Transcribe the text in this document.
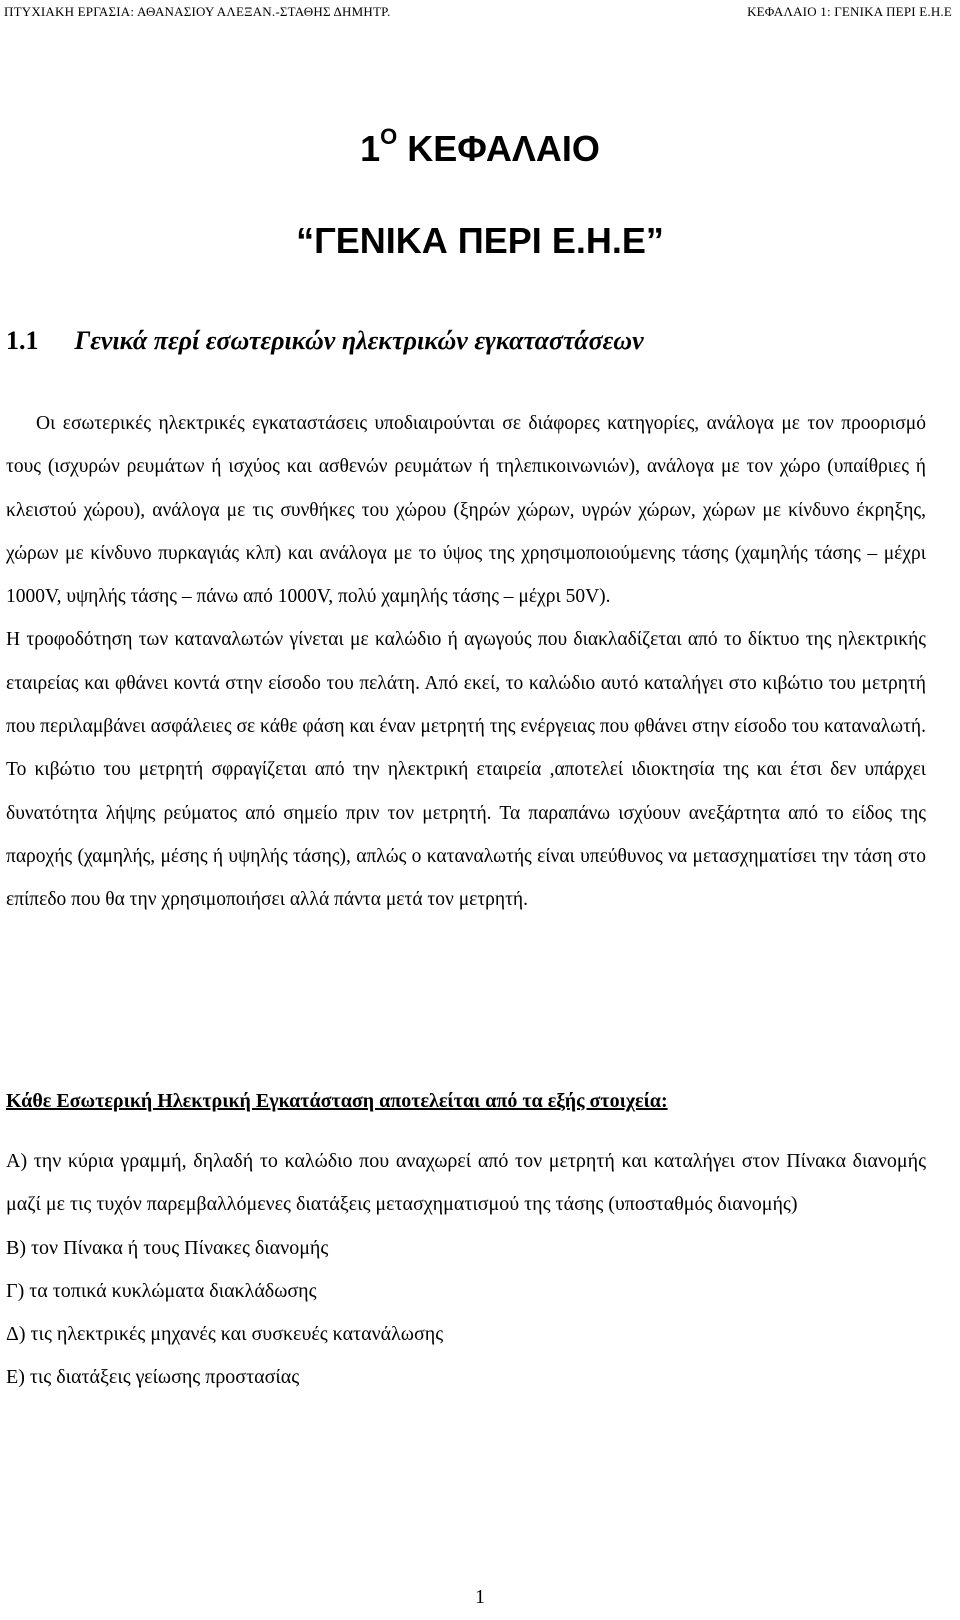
ΠΤΥΧΙΑΚΗ ΕΡΓΑΣΙΑ: ΑΘΑΝΑΣΙΟΥ ΑΛΕΞΑΝ.-ΣΤΑΘΗΣ ΔΗΜΗΤΡ.	ΚΕΦΑΛΑΙΟ 1: ΓΕΝΙΚΑ ΠΕΡΙ Ε.Η.Ε
$1^O$ ΚΕΦΑΛΑΙΟ
“ΓΕΝΙΚΑ ΠΕΡΙ Ε.Η.Ε”
1.1 Γενικά περί εσωτερικών ηλεκτρικών εγκαταστάσεων

Οι εσωτερικές ηλεκτρικές εγκαταστάσεις υποδιαιρούνται σε διάφορες κατηγορίες, ανάλογα με τον προορισμό τους (ισχυρών ρευμάτων ή ισχύος και ασθενών ρευμάτων ή τηλεπικοινωνιών), ανάλογα με τον χώρο (υπαίθριες ή κλειστού χώρου), ανάλογα με τις συνθήκες του χώρου (ξηρών χώρων, υγρών χώρων, χώρων με κίνδυνο έκρηξης, χώρων με κίνδυνο πυρκαγιάς κλπ) και ανάλογα με το ύψος της χρησιμοποιούμενης τάσης (χαμηλής τάσης – μέχρι 1000V, υψηλής τάσης – πάνω από 1000V, πολύ χαμηλής τάσης – μέχρι 50V).

Η τροφοδότηση των καταναλωτών γίνεται με καλώδιο ή αγωγούς που διακλαδίζεται από το δίκτυο της ηλεκτρικής εταιρείας και φθάνει κοντά στην είσοδο του πελάτη. Από εκεί, το καλώδιο αυτό καταλήγει στο κιβώτιο του μετρητή που περιλαμβάνει ασφάλειες σε κάθε φάση και έναν μετρητή της ενέργειας που φθάνει στην είσοδο του καταναλωτή. Το κιβώτιο του μετρητή σφραγίζεται από την ηλεκτρική εταιρεία ,αποτελεί ιδιοκτησία της και έτσι δεν υπάρχει δυνατότητα λήψης ρεύματος από σημείο πριν τον μετρητή. Τα παραπάνω ισχύουν ανεξάρτητα από το είδος της παροχής (χαμηλής, μέσης ή υψηλής τάσης), απλώς ο καταναλωτής είναι υπεύθυνος να μετασχηματίσει την τάση στο επίπεδο που θα την χρησιμοποιήσει αλλά πάντα μετά τον μετρητή.

Κάθε Εσωτερική Ηλεκτρική Εγκατάσταση αποτελείται από τα εξής στοιχεία:
Α) την κύρια γραμμή, δηλαδή το καλώδιο που αναχωρεί από τον μετρητή και καταλήγει στον Πίνακα διανομής μαζί με τις τυχόν παρεμβαλλόμενες διατάξεις μετασχηματισμού της τάσης (υποσταθμός διανομής)
Β) τον Πίνακα ή τους Πίνακες διανομής
Γ) τα τοπικά κυκλώματα διακλάδωσης
Δ) τις ηλεκτρικές μηχανές και συσκευές κατανάλωσης
Ε) τις διατάξεις γείωσης προστασίας
1
